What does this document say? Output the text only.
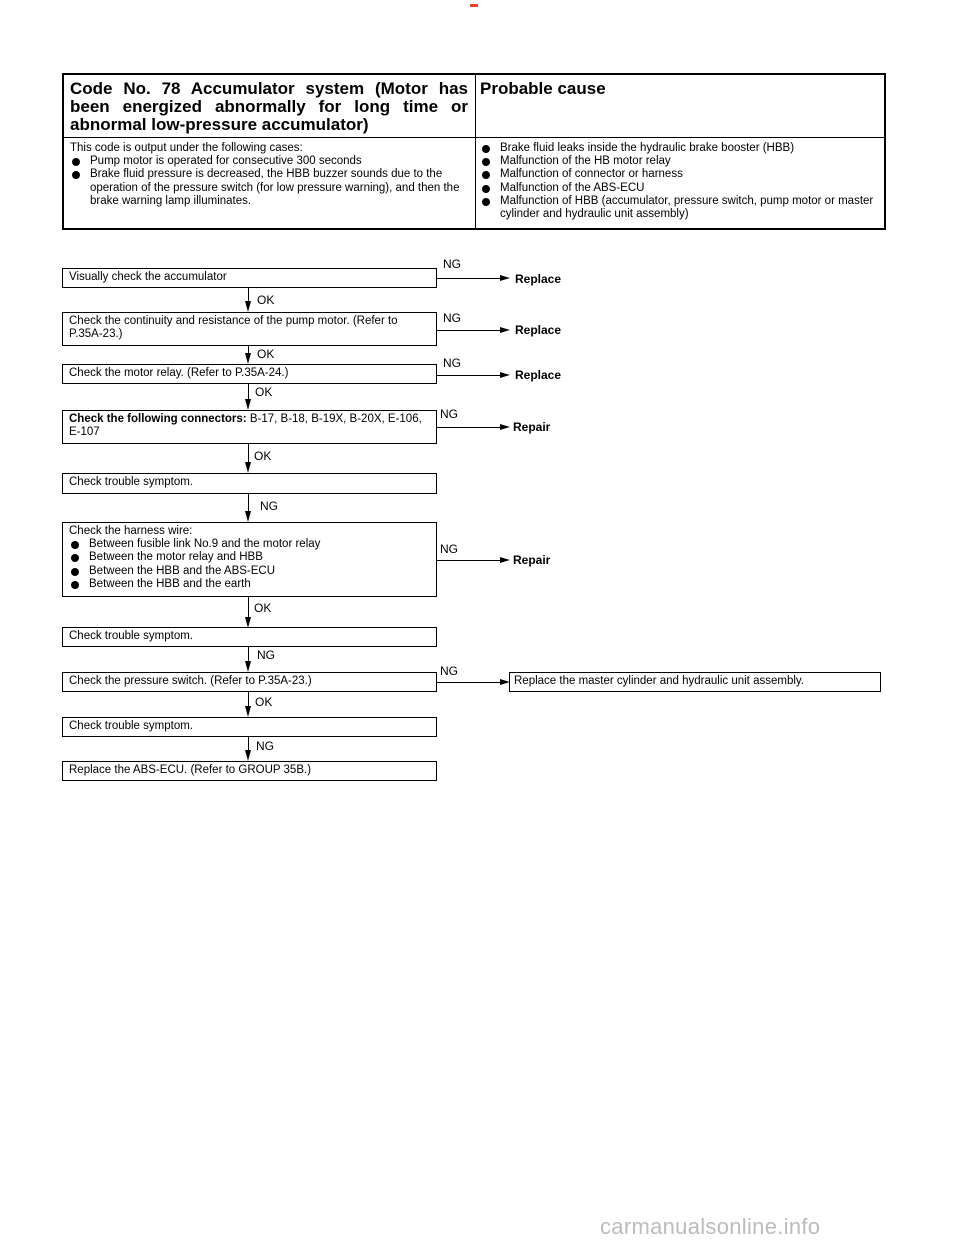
Code No. 78 Accumulator system (Motor has been energized abnormally for long time or abnormal low-pressure accumulator)
Probable cause
This code is output under the following cases:
Pump motor is operated for consecutive 300 seconds
Brake fluid pressure is decreased, the HBB buzzer sounds due to the operation of the pressure switch (for low pressure warning), and then the brake warning lamp illuminates.
Brake fluid leaks inside the hydraulic brake booster (HBB)
Malfunction of the HB motor relay
Malfunction of connector or harness
Malfunction of the ABS-ECU
Malfunction of HBB (accumulator, pressure switch, pump motor or master cylinder and hydraulic unit assembly)
Visually check the accumulator
NG
Replace
OK
Check the continuity and resistance of the pump motor. (Refer to P.35A-23.)
NG
Replace
OK
Check the motor relay. (Refer to P.35A-24.)
NG
Replace
OK
Check the following connectors: B-17, B-18, B-19X, B-20X, E-106, E-107
NG
Repair
OK
Check trouble symptom.
NG
Check the harness wire:
Between fusible link No.9 and the motor relay
Between the motor relay and HBB
Between the HBB and the ABS-ECU
Between the HBB and the earth
NG
Repair
OK
Check trouble symptom.
NG
Check the pressure switch. (Refer to P.35A-23.)
NG
Replace the master cylinder and hydraulic unit assembly.
OK
Check trouble symptom.
NG
Replace the ABS-ECU. (Refer to GROUP 35B.)
carmanualsonline.info
